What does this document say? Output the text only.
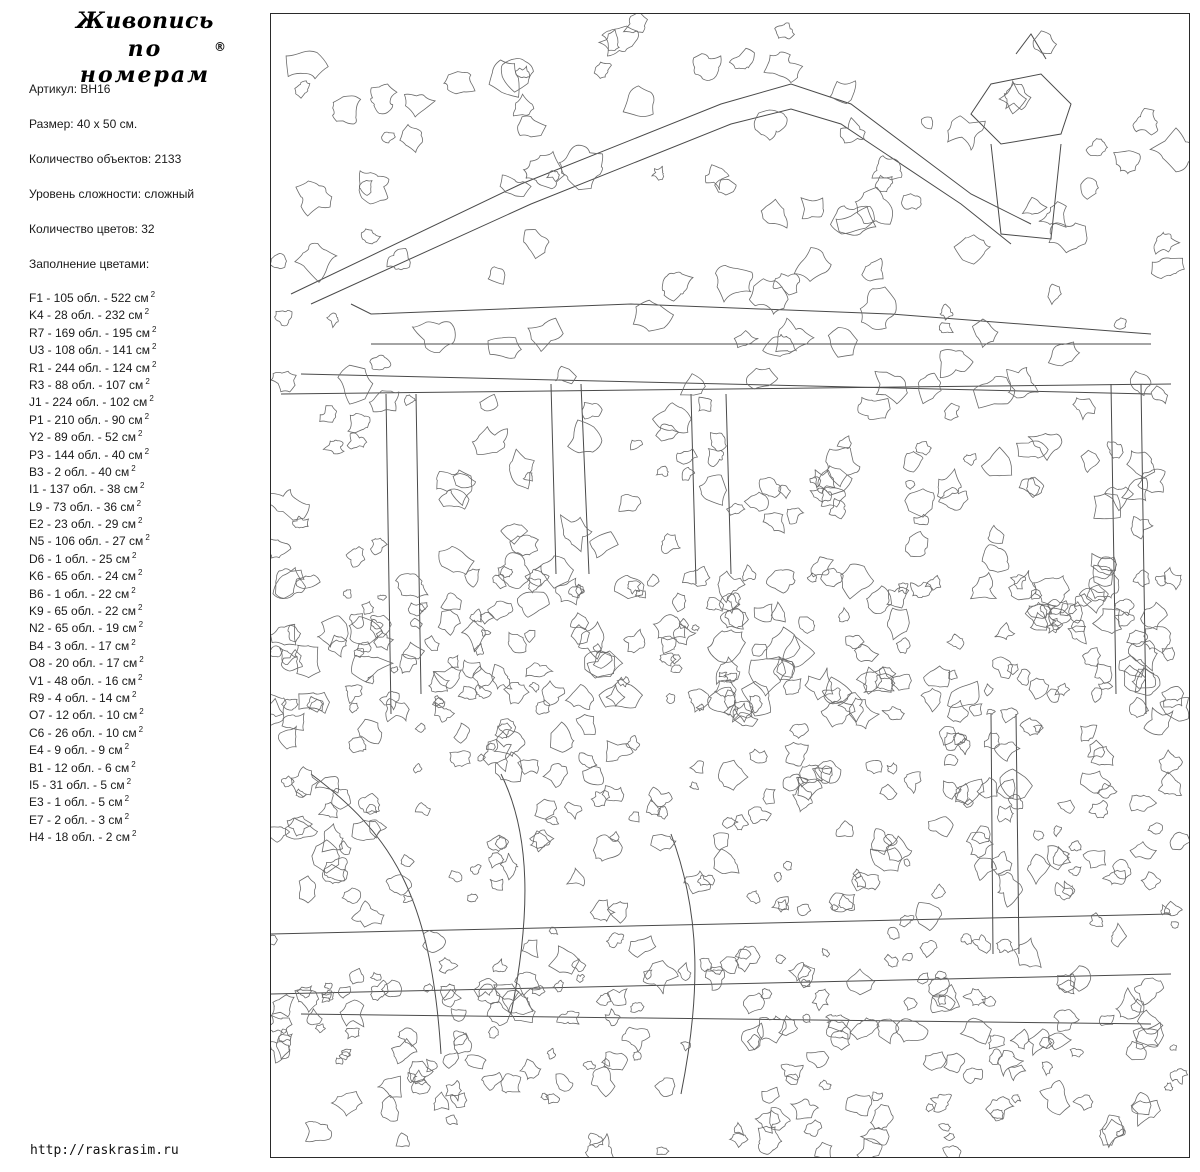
Живопись
по номерам
®
Артикул: ВН16
Размер: 40 х 50 см.
Количество объектов: 2133
Уровень сложности: сложный
Количество цветов: 32
Заполнение цветами:
F1 - 105 обл. - 522 см $^2$
K4 - 28 обл. - 232 см $^2$
R7 - 169 обл. - 195 см $^2$
U3 - 108 обл. - 141 см $^2$
R1 - 244 обл. - 124 см $^2$
R3 - 88 обл. - 107 см $^2$
J1 - 224 обл. - 102 см $^2$
P1 - 210 обл. - 90 см $^2$
Y2 - 89 обл. - 52 см $^2$
P3 - 144 обл. - 40 см $^2$
B3 - 2 обл. - 40 см $^2$
I1 - 137 обл. - 38 см $^2$
L9 - 73 обл. - 36 см $^2$
E2 - 23 обл. - 29 см $^2$
N5 - 106 обл. - 27 см $^2$
D6 - 1 обл. - 25 см $^2$
K6 - 65 обл. - 24 см $^2$
B6 - 1 обл. - 22 см $^2$
K9 - 65 обл. - 22 см $^2$
N2 - 65 обл. - 19 см $^2$
B4 - 3 обл. - 17 см $^2$
O8 - 20 обл. - 17 см $^2$
V1 - 48 обл. - 16 см $^2$
R9 - 4 обл. - 14 см $^2$
O7 - 12 обл. - 10 см $^2$
C6 - 26 обл. - 10 см $^2$
E4 - 9 обл. - 9 см $^2$
B1 - 12 обл. - 6 см $^2$
I5 - 31 обл. - 5 см $^2$
E3 - 1 обл. - 5 см $^2$
E7 - 2 обл. - 3 см $^2$
H4 - 18 обл. - 2 см $^2$
http://raskrasim.ru
